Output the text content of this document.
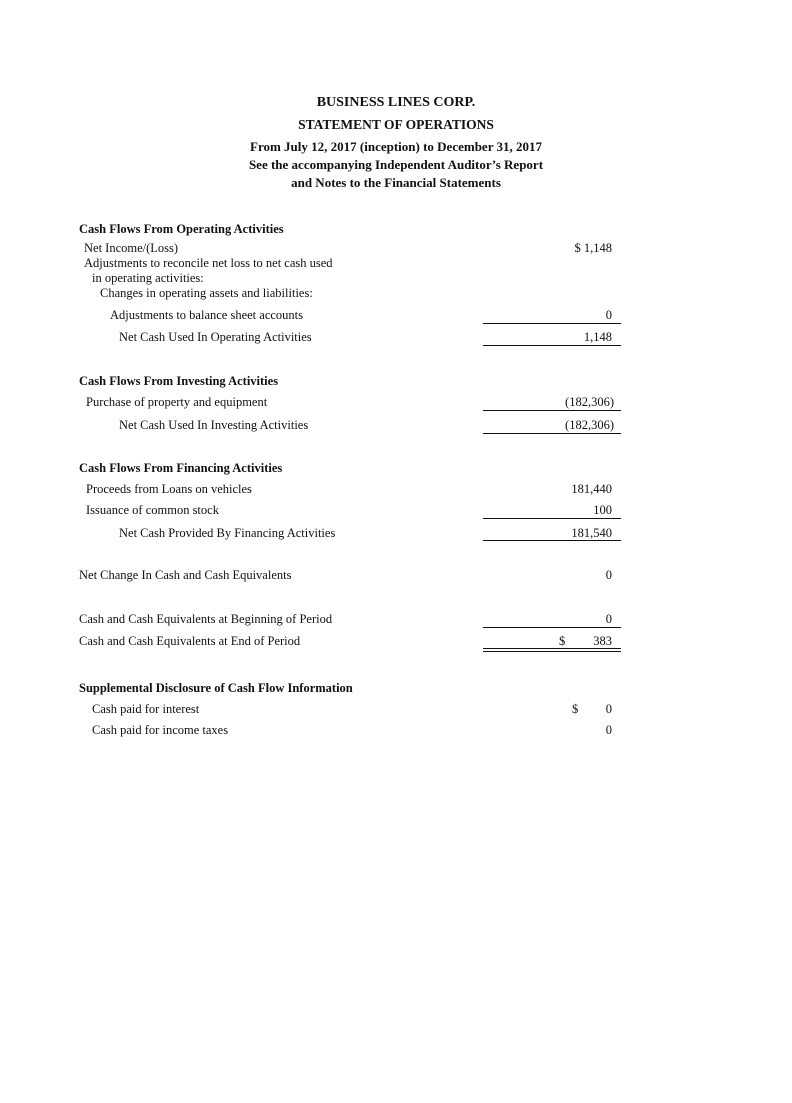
BUSINESS LINES CORP.
STATEMENT OF OPERATIONS
From July 12, 2017 (inception) to December 31, 2017
See the accompanying Independent Auditor’s Report
and Notes to the Financial Statements
Cash Flows From Operating Activities
Net Income/(Loss)	$ 1,148
Adjustments to reconcile net loss to net cash used
in operating activities:
Changes in operating assets and liabilities:
Adjustments to balance sheet accounts	0
Net Cash Used In Operating Activities	1,148
Cash Flows From Investing Activities
Purchase of property and equipment	(182,306)
Net Cash Used In Investing Activities	(182,306)
Cash Flows From Financing Activities
Proceeds from Loans on vehicles	181,440
Issuance of common stock	100
Net Cash Provided By Financing Activities	181,540
Net Change In Cash and Cash Equivalents	0
Cash and Cash Equivalents at Beginning of Period	0
Cash and Cash Equivalents at End of Period	$ 383
Supplemental Disclosure of Cash Flow Information
Cash paid for interest	$ 0
Cash paid for income taxes	0
